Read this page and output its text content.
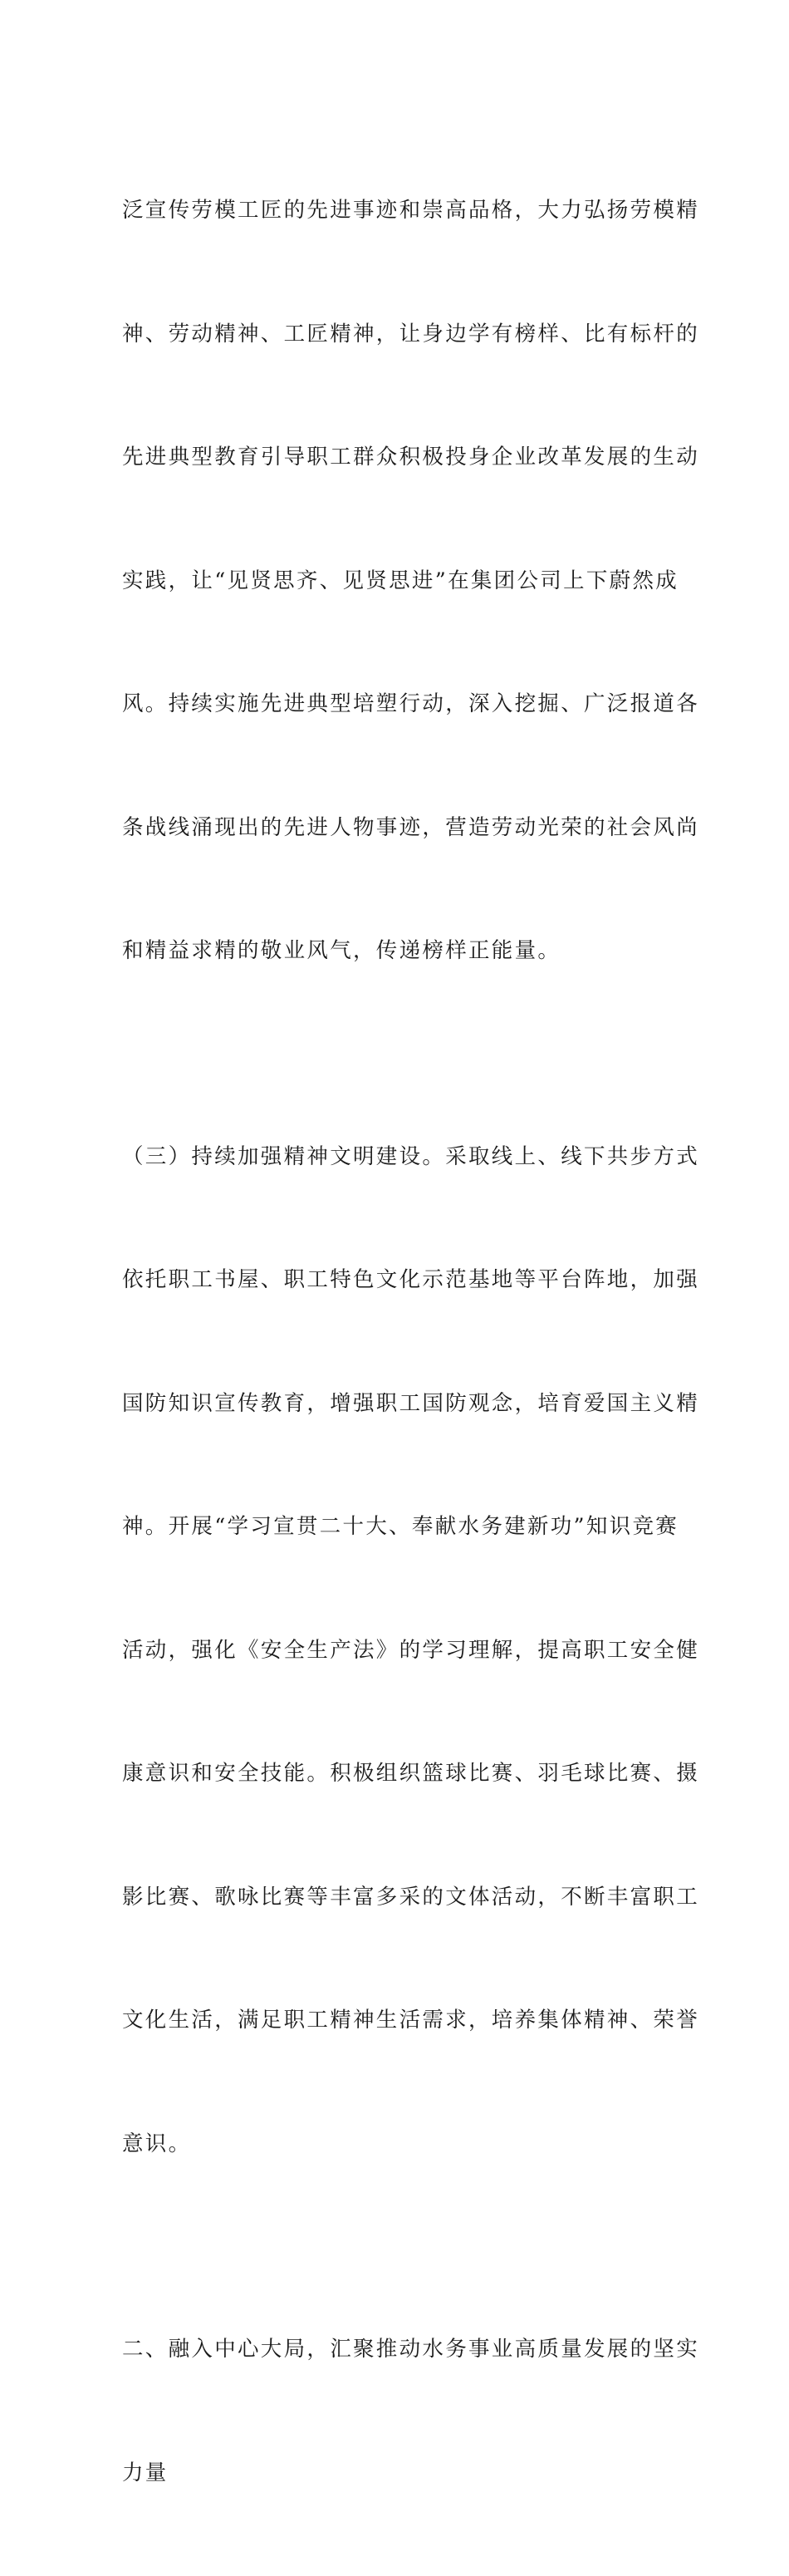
泛宣传劳模工匠的先进事迹和崇高品格，大力弘扬劳模精

神、劳动精神、工匠精神，让身边学有榜样、比有标杆的

先进典型教育引导职工群众积极投身企业改革发展的生动

实践，让“见贤思齐、见贤思进”在集团公司上下蔚然成

风。持续实施先进典型培塑行动，深入挖掘、广泛报道各

条战线涌现出的先进人物事迹，营造劳动光荣的社会风尚

和精益求精的敬业风气，传递榜样正能量。

（三）持续加强精神文明建设。采取线上、线下共步方式

依托职工书屋、职工特色文化示范基地等平台阵地，加强

国防知识宣传教育，增强职工国防观念，培育爱国主义精

神。开展“学习宣贯二十大、奉献水务建新功”知识竞赛

活动，强化《安全生产法》的学习理解，提高职工安全健

康意识和安全技能。积极组织篮球比赛、羽毛球比赛、摄

影比赛、歌咏比赛等丰富多采的文体活动，不断丰富职工

文化生活，满足职工精神生活需求，培养集体精神、荣誉

意识。

二、融入中心大局，汇聚推动水务事业高质量发展的坚实

力量
